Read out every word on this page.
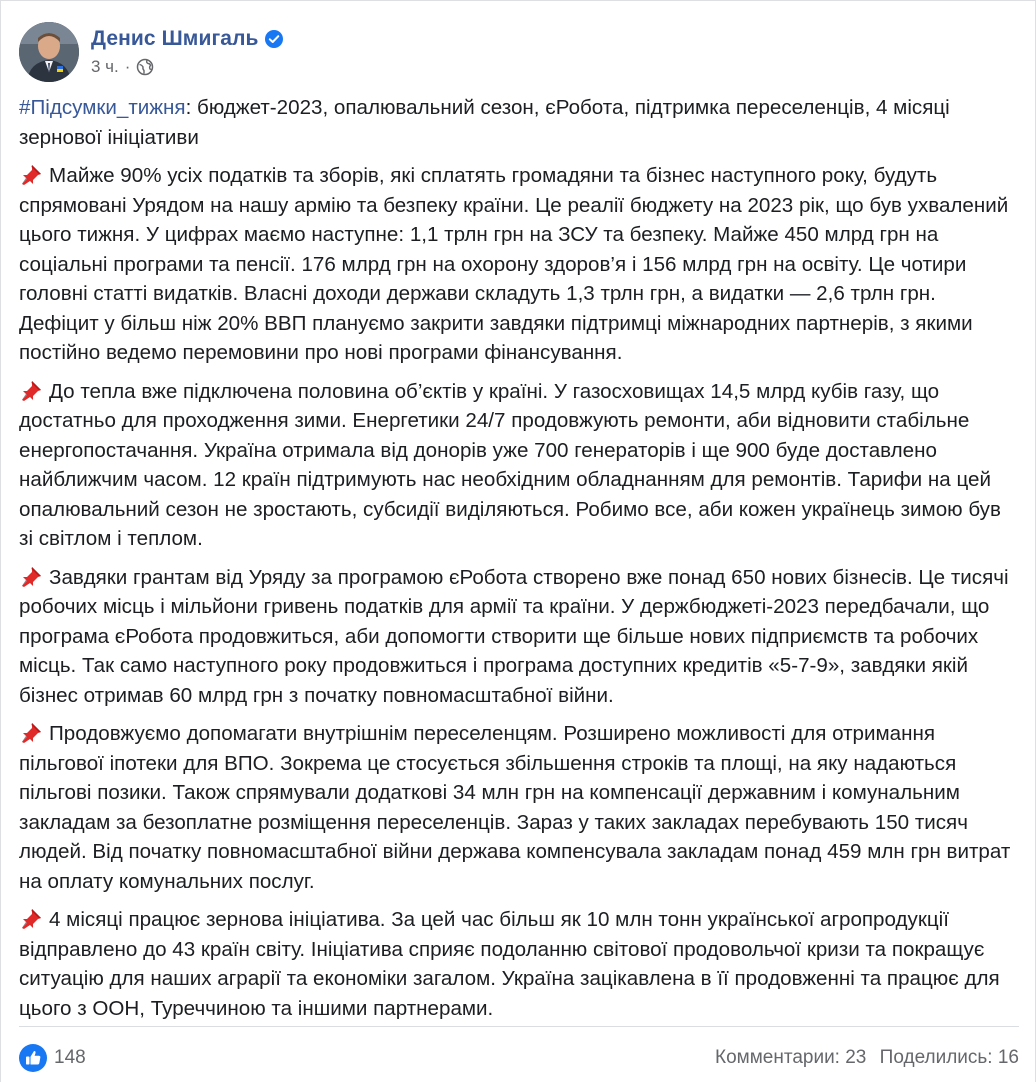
Денис Шмигаль
3 ч. ·

#Підсумки_тижня: бюджет-2023, опалювальний сезон, єРобота, підтримка переселенців, 4 місяці зернової ініціативи

Майже 90% усіх податків та зборів, які сплатять громадяни та бізнес наступного року, будуть спрямовані Урядом на нашу армію та безпеку країни. Це реалії бюджету на 2023 рік, що був ухвалений цього тижня. У цифрах маємо наступне: 1,1 трлн грн на ЗСУ та безпеку. Майже 450 млрд грн на соціальні програми та пенсії. 176 млрд грн на охорону здоров’я і 156 млрд грн на освіту. Це чотири головні статті видатків. Власні доходи держави складуть 1,3 трлн грн, а видатки — 2,6 трлн грн. Дефіцит у більш ніж 20% ВВП плануємо закрити завдяки підтримці міжнародних партнерів, з якими постійно ведемо перемовини про нові програми фінансування.

До тепла вже підключена половина об’єктів у країні. У газосховищах 14,5 млрд кубів газу, що достатньо для проходження зими. Енергетики 24/7 продовжують ремонти, аби відновити стабільне енергопостачання. Україна отримала від донорів уже 700 генераторів і ще 900 буде доставлено найближчим часом. 12 країн підтримують нас необхідним обладнанням для ремонтів. Тарифи на цей опалювальний сезон не зростають, субсидії виділяються. Робимо все, аби кожен українець зимою був зі світлом і теплом.

Завдяки грантам від Уряду за програмою єРобота створено вже понад 650 нових бізнесів. Це тисячі робочих місць і мільйони гривень податків для армії та країни. У держбюджеті-2023 передбачали, що програма єРобота продовжиться, аби допомогти створити ще більше нових підприємств та робочих місць. Так само наступного року продовжиться і програма доступних кредитів «5-7-9», завдяки якій бізнес отримав 60 млрд грн з початку повномасштабної війни.

Продовжуємо допомагати внутрішнім переселенцям. Розширено можливості для отримання пільгової іпотеки для ВПО. Зокрема це стосується збільшення строків та площі, на яку надаються пільгові позики. Також спрямували додаткові 34 млн грн на компенсації державним і комунальним закладам за безоплатне розміщення переселенців. Зараз у таких закладах перебувають 150 тисяч людей. Від початку повномасштабної війни держава компенсувала закладам понад 459 млн грн витрат на оплату комунальних послуг.

4 місяці працює зернова ініціатива. За цей час більш як 10 млн тонн української агропродукції відправлено до 43 країн світу. Ініціатива сприяє подоланню світової продовольчої кризи та покращує ситуацію для наших аграрії та економіки загалом. Україна зацікавлена в її продовженні та працює для цього з ООН, Туреччиною та іншими партнерами.

148	Комментарии: 23 Поделились: 16
